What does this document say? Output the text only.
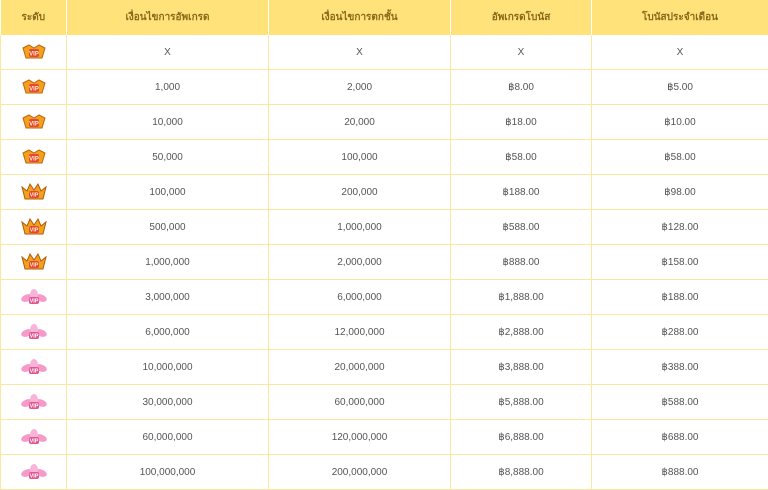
ระดับ	เงื่อนไขการอัพเกรด	เงื่อนไขการตกชั้น	อัพเกรดโบนัส	โบนัสประจำเดือน

VIP	X	X	X	X

VIP	1,000	2,000	฿8.00	฿5.00

VIP	10,000	20,000	฿18.00	฿10.00

VIP	50,000	100,000	฿58.00	฿58.00

VIP	100,000	200,000	฿188.00	฿98.00

VIP	500,000	1,000,000	฿588.00	฿128.00

VIP	1,000,000	2,000,000	฿888.00	฿158.00

VIP	3,000,000	6,000,000	฿1,888.00	฿188.00

VIP	6,000,000	12,000,000	฿2,888.00	฿288.00

VIP	10,000,000	20,000,000	฿3,888.00	฿388.00

VIP	30,000,000	60,000,000	฿5,888.00	฿588.00

VIP	60,000,000	120,000,000	฿6,888.00	฿688.00

VIP	100,000,000	200,000,000	฿8,888.00	฿888.00
